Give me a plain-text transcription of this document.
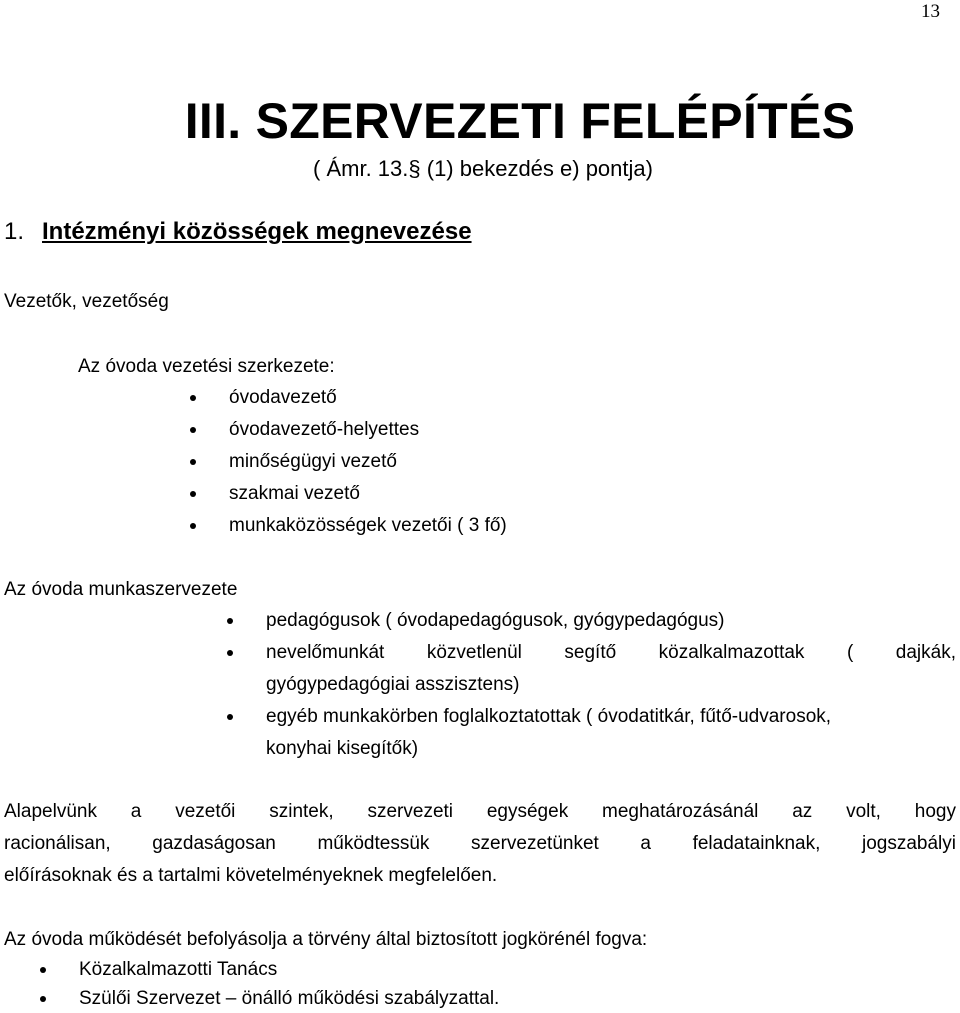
13
III. SZERVEZETI FELÉPÍTÉS
( Ámr. 13.§ (1) bekezdés e) pontja)
1. Intézményi közösségek megnevezése
Vezetők, vezetőség
Az óvoda vezetési szerkezete:
óvodavezető
óvodavezető-helyettes
minőségügyi vezető
szakmai vezető
munkaközösségek vezetői ( 3 fő)
Az óvoda munkaszervezete
pedagógusok ( óvodapedagógusok, gyógypedagógus)
nevelőmunkát közvetlenül segítő közalkalmazottak ( dajkák,
gyógypedagógiai asszisztens)
egyéb munkakörben foglalkoztatottak ( óvodatitkár, fűtő-udvarosok,
konyhai kisegítők)
Alapelvünk a vezetői szintek, szervezeti egységek meghatározásánál az volt, hogy
racionálisan, gazdaságosan működtessük szervezetünket a feladatainknak, jogszabályi
előírásoknak és a tartalmi követelményeknek megfelelően.
Az óvoda működését befolyásolja a törvény által biztosított jogkörénél fogva:
Közalkalmazotti Tanács
Szülői Szervezet – önálló működési szabályzattal.
